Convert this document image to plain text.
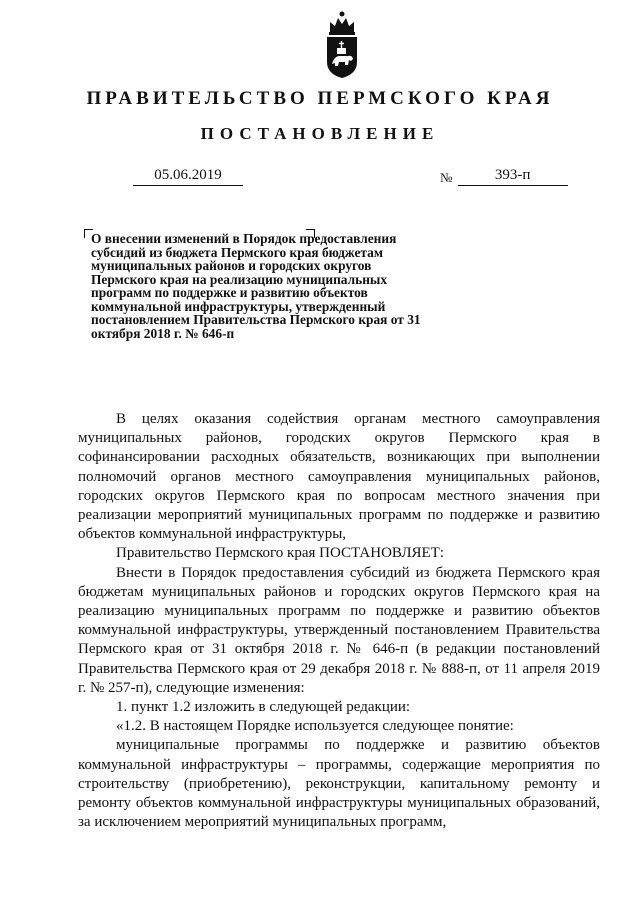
ПРАВИТЕЛЬСТВО ПЕРМСКОГО КРАЯ
ПОСТАНОВЛЕНИЕ
05.06.2019	№	393-п
О внесении изменений в Порядок предоставления субсидий из бюджета Пермского края бюджетам муниципальных районов и городских округов Пермского края на реализацию муниципальных программ по поддержке и развитию объектов коммунальной инфраструктуры, утвержденный постановлением Правительства Пермского края от 31 октября 2018 г. № 646-п

В целях оказания содействия органам местного самоуправления муниципальных районов, городских округов Пермского края в софинансировании расходных обязательств, возникающих при выполнении полномочий органов местного самоуправления муниципальных районов, городских округов Пермского края по вопросам местного значения при реализации мероприятий муниципальных программ по поддержке и развитию объектов коммунальной инфраструктуры,

Правительство Пермского края ПОСТАНОВЛЯЕТ:

Внести в Порядок предоставления субсидий из бюджета Пермского края бюджетам муниципальных районов и городских округов Пермского края на реализацию муниципальных программ по поддержке и развитию объектов коммунальной инфраструктуры, утвержденный постановлением Правительства Пермского края от 31 октября 2018 г. № 646-п (в редакции постановлений Правительства Пермского края от 29 декабря 2018 г. № 888-п, от 11 апреля 2019 г. № 257-п), следующие изменения:

1. пункт 1.2 изложить в следующей редакции:

«1.2. В настоящем Порядке используется следующее понятие:

муниципальные программы по поддержке и развитию объектов коммунальной инфраструктуры – программы, содержащие мероприятия по строительству (приобретению), реконструкции, капитальному ремонту и ремонту объектов коммунальной инфраструктуры муниципальных образований, за исключением мероприятий муниципальных программ,
